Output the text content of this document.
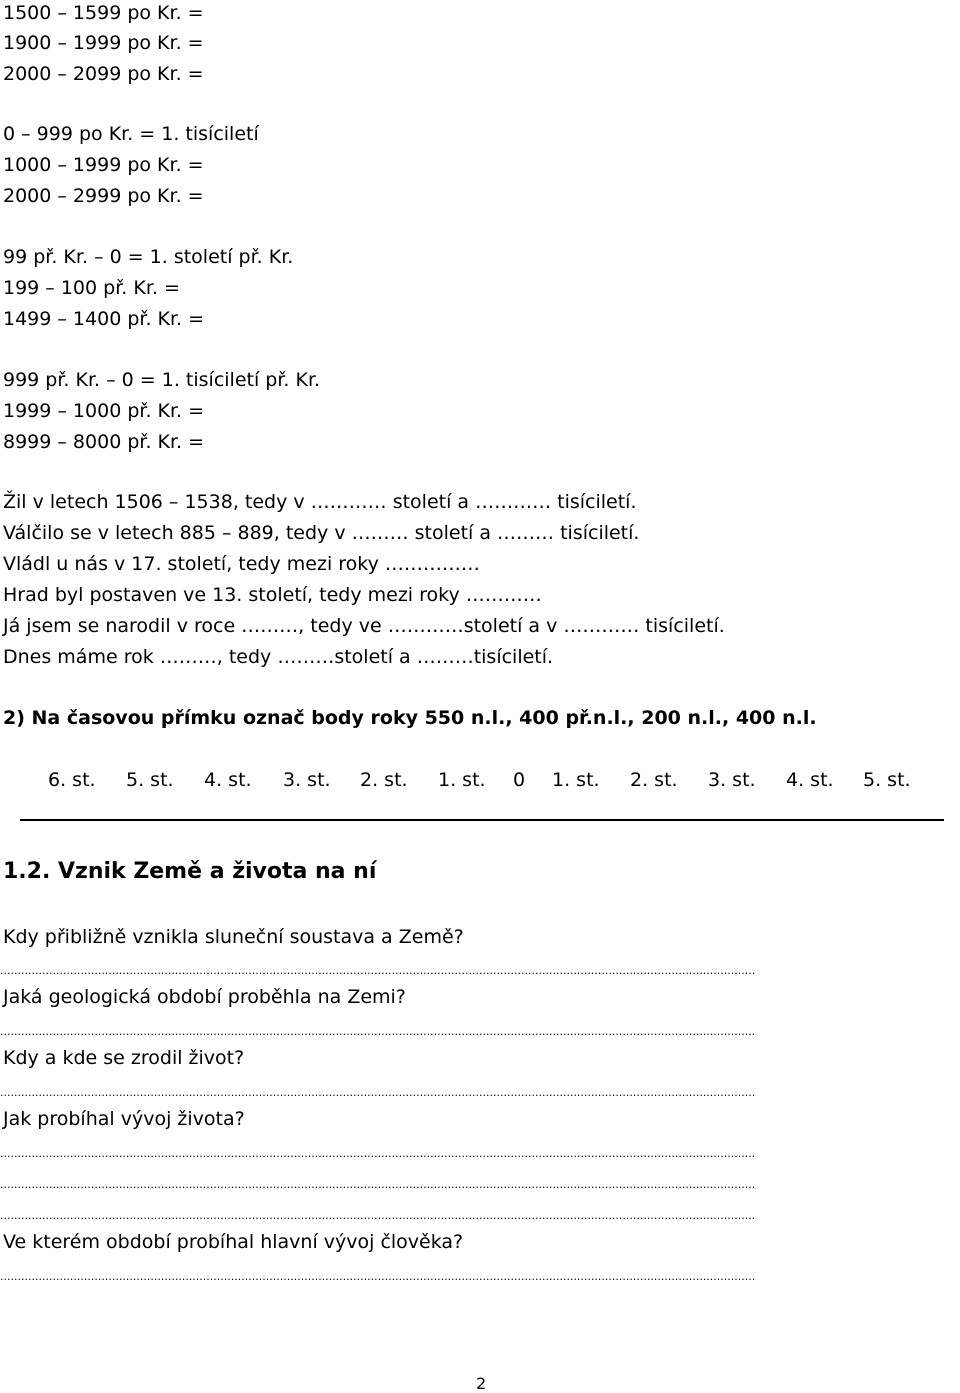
1500 – 1599 po Kr. =
1900 – 1999 po Kr. =
2000 – 2099 po Kr. =
0 – 999 po Kr. = 1. tisíciletí
1000 – 1999 po Kr. =
2000 – 2999 po Kr. =
99 př. Kr. – 0 = 1. století př. Kr.
199 – 100 př. Kr. =
1499 – 1400 př. Kr. =
999 př. Kr. – 0 = 1. tisíciletí př. Kr.
1999 – 1000 př. Kr. =
8999 – 8000 př. Kr. =
Žil v letech 1506 – 1538, tedy v ………… století a ………… tisíciletí.
Válčilo se v letech 885 – 889, tedy v ……… století a ……… tisíciletí.
Vládl u nás v 17. století, tedy mezi roky ……………
Hrad byl postaven ve 13. století, tedy mezi roky …………
Já jsem se narodil v roce ………, tedy ve …………století a v ………… tisíciletí.
Dnes máme rok ………, tedy ………století a ………tisíciletí.
2) Na časovou přímku označ body roky 550 n.l., 400 př.n.l., 200 n.l., 400 n.l.
6. st. 5. st. 4. st. 3. st. 2. st. 1. st. 0 1. st. 2. st. 3. st. 4. st. 5. st.
1.2. Vznik Země a života na ní
Kdy přibližně vznikla sluneční soustava a Země?
........................................................................................................................................................................................................................
Jaká geologická období proběhla na Zemi?
........................................................................................................................................................................................................................
Kdy a kde se zrodil život?
........................................................................................................................................................................................................................
Jak probíhal vývoj života?
........................................................................................................................................................................................................................
........................................................................................................................................................................................................................
........................................................................................................................................................................................................................
Ve kterém období probíhal hlavní vývoj člověka?
........................................................................................................................................................................................................................
2
